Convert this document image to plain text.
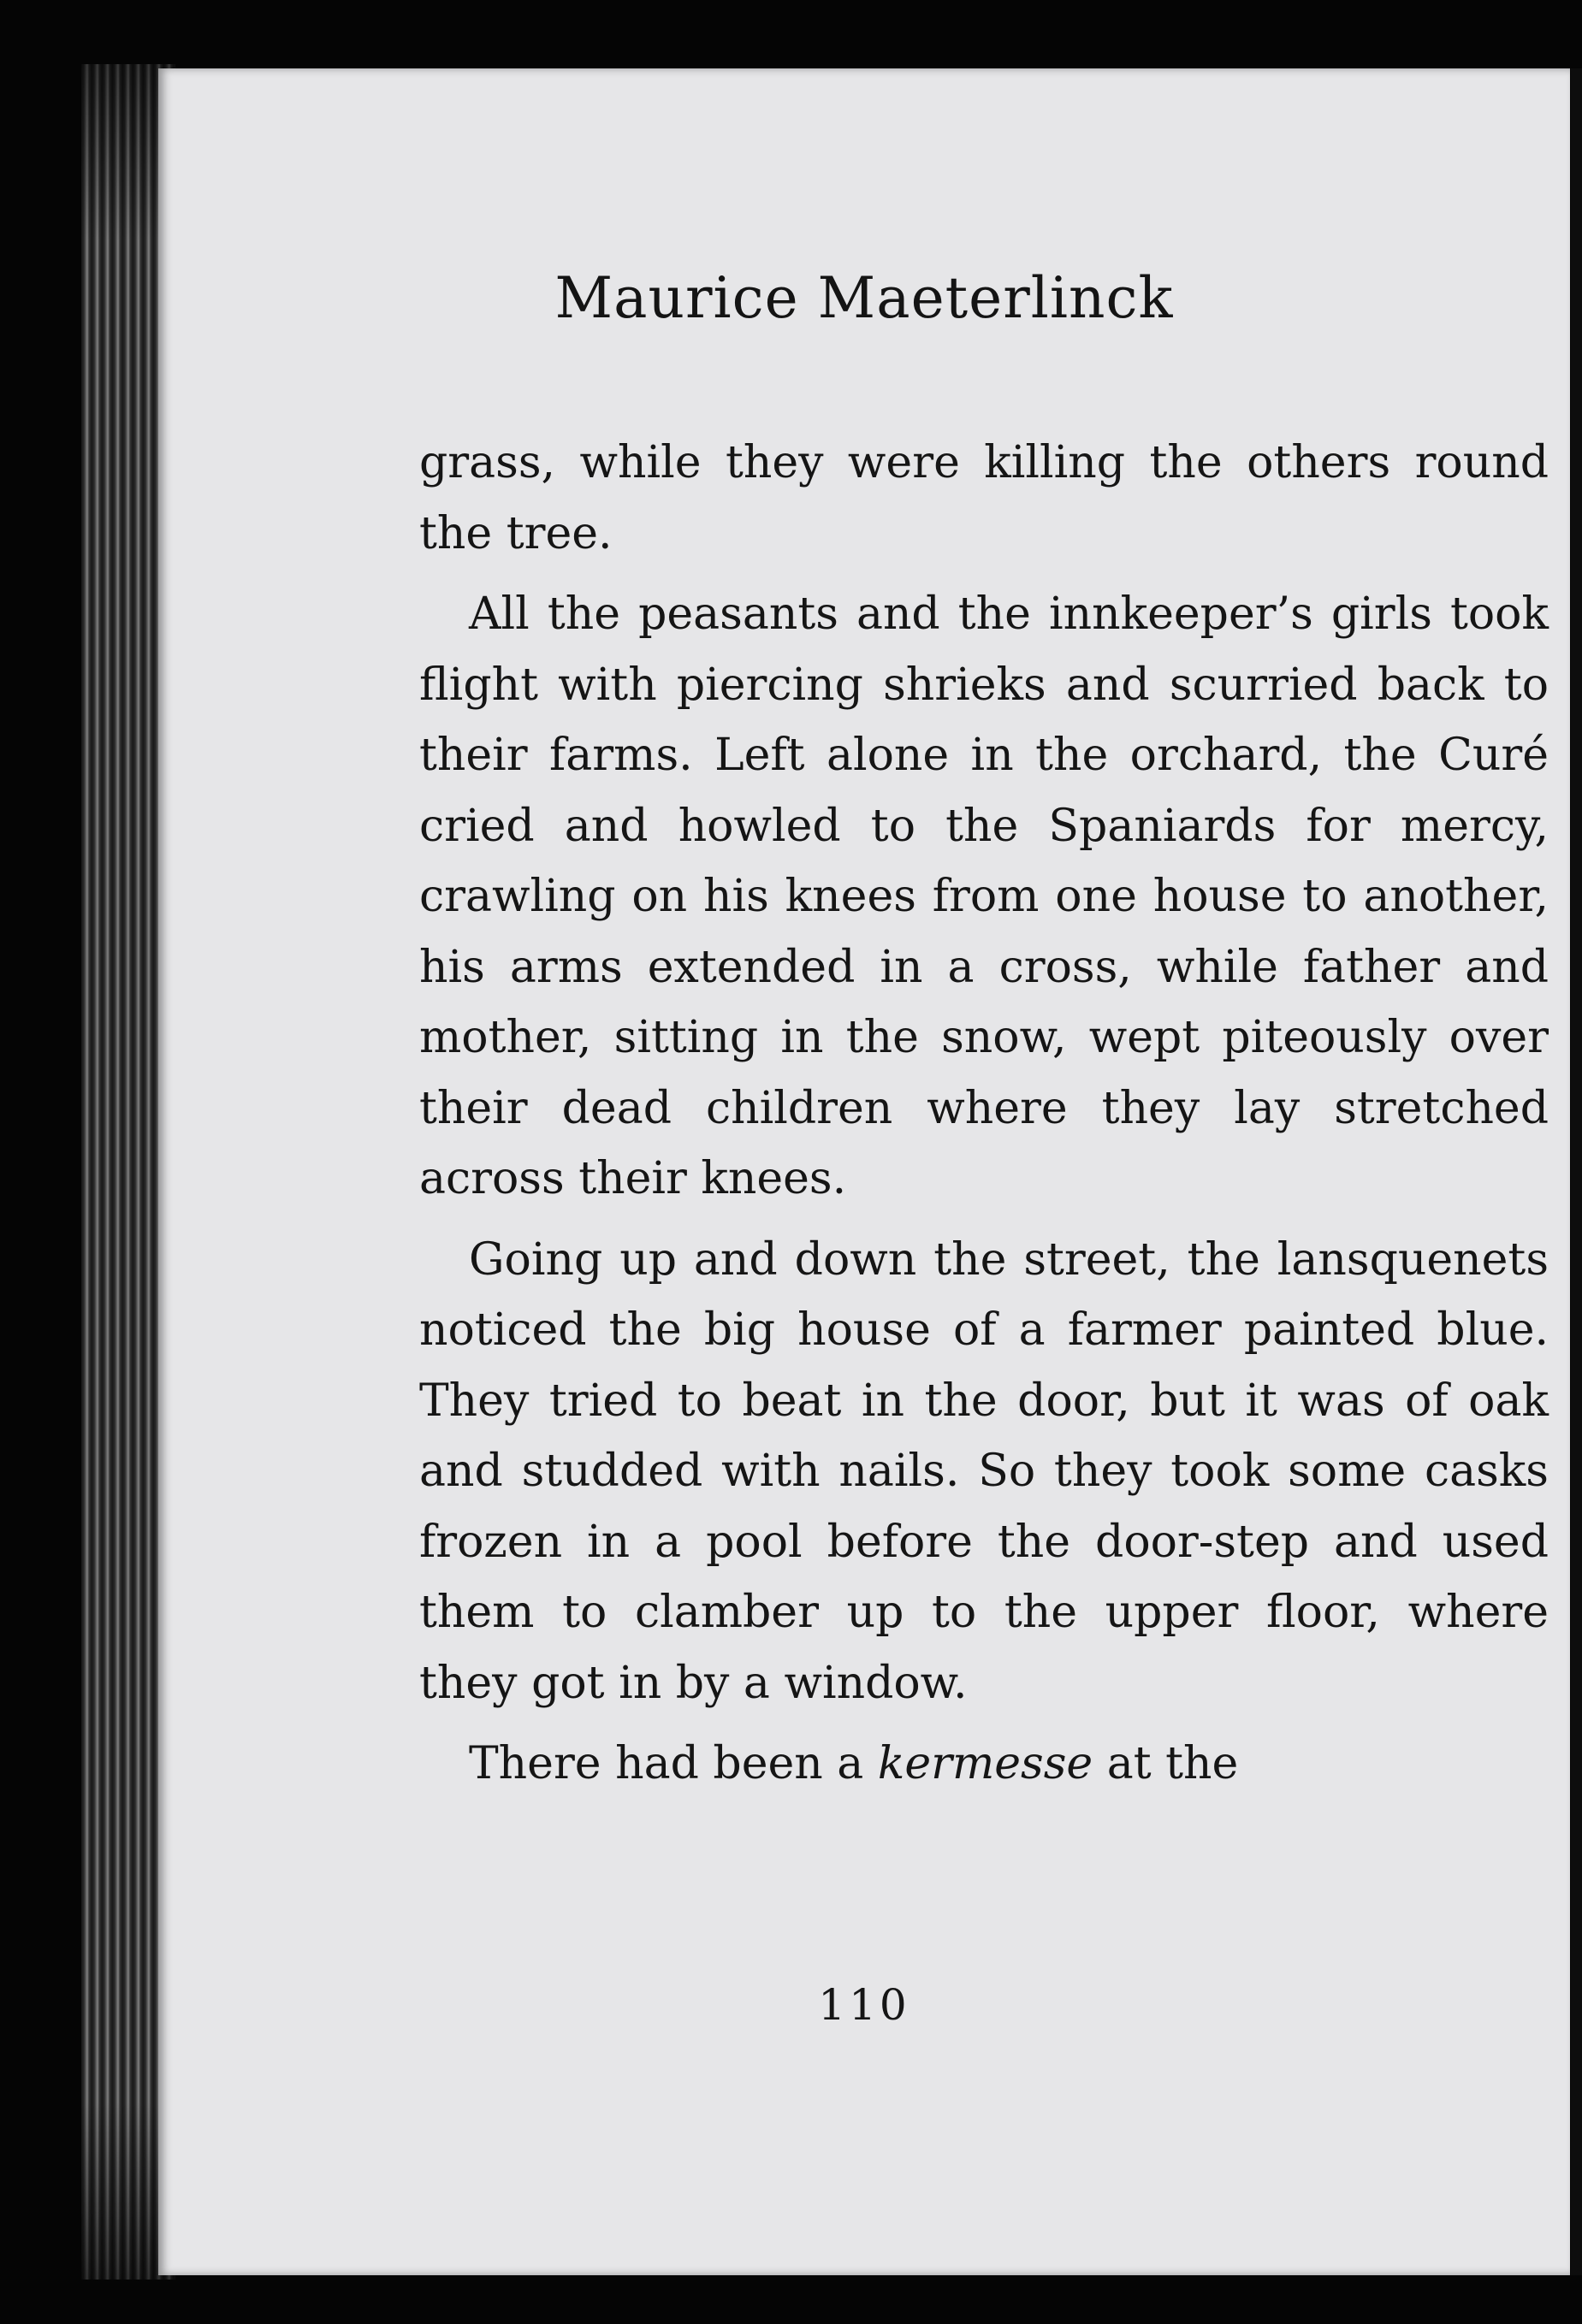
Maurice Maeterlinck

grass, while they were killing the others round the tree.

All the peasants and the innkeeper’s girls took flight with piercing shrieks and scurried back to their farms. Left alone in the orchard, the Curé cried and howled to the Spaniards for mercy, crawling on his knees from one house to another, his arms extended in a cross, while father and mother, sitting in the snow, wept piteously over their dead children where they lay stretched across their knees.

Going up and down the street, the lansquenets noticed the big house of a farmer painted blue. They tried to beat in the door, but it was of oak and studded with nails. So they took some casks frozen in a pool before the door-step and used them to clamber up to the upper floor, where they got in by a window.

There had been a kermesse at the

110
